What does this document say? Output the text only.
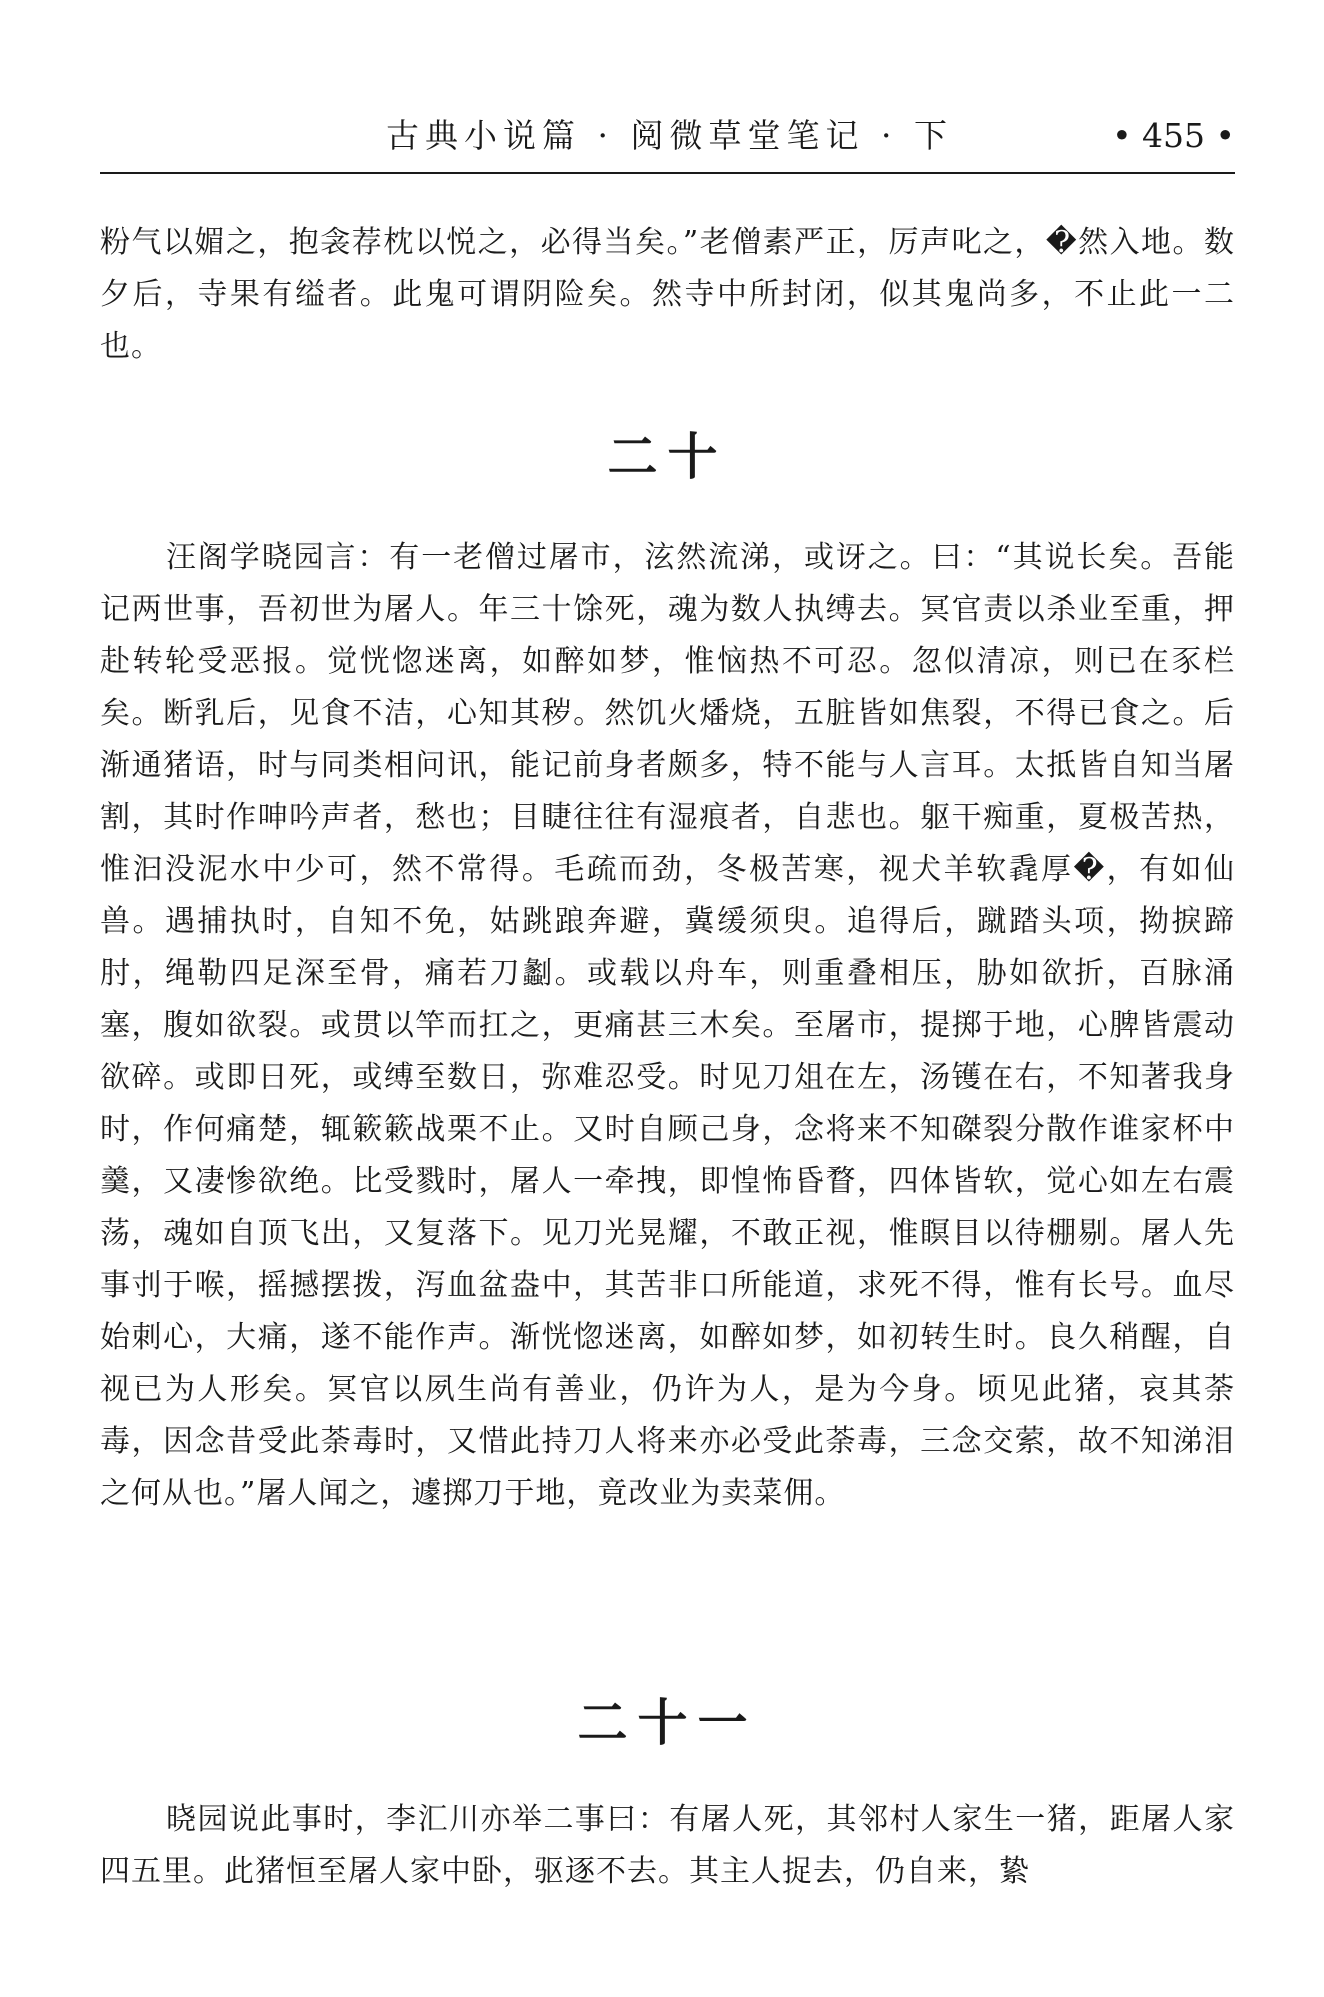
古典小说篇 · 阅微草堂笔记 · 下	• 455 •

粉气以媚之，抱衾荐枕以悦之，必得当矣。”老僧素严正，厉声叱之，�然入地。数夕后，寺果有缢者。此鬼可谓阴险矣。然寺中所封闭，似其鬼尚多，不止此一二也。

二十

汪阁学晓园言：有一老僧过屠市，泫然流涕，或讶之。曰：“其说长矣。吾能记两世事，吾初世为屠人。年三十馀死，魂为数人执缚去。冥官责以杀业至重，押赴转轮受恶报。觉恍惚迷离，如醉如梦，惟恼热不可忍。忽似清凉，则已在豕栏矣。断乳后，见食不洁，心知其秽。然饥火燔烧，五脏皆如焦裂，不得已食之。后渐通猪语，时与同类相问讯，能记前身者颇多，特不能与人言耳。太抵皆自知当屠割，其时作呻吟声者，愁也；目睫往往有湿痕者，自悲也。躯干痴重，夏极苦热，惟汩没泥水中少可，然不常得。毛疏而劲，冬极苦寒，视犬羊软毳厚�，有如仙兽。遇捕执时，自知不免，姑跳踉奔避，冀缓须臾。追得后，蹴踏头项，拗捩蹄肘，绳勒四足深至骨，痛若刀劙。或载以舟车，则重叠相压，胁如欲折，百脉涌塞，腹如欲裂。或贯以竿而扛之，更痛甚三木矣。至屠市，提掷于地，心脾皆震动欲碎。或即日死，或缚至数日，弥难忍受。时见刀俎在左，汤镬在右，不知著我身时，作何痛楚，辄簌簌战栗不止。又时自顾己身，念将来不知磔裂分散作谁家杯中羹，又凄惨欲绝。比受戮时，屠人一牵拽，即惶怖昏瞀，四体皆软，觉心如左右震荡，魂如自顶飞出，又复落下。见刀光晃耀，不敢正视，惟瞑目以待棚剔。屠人先事刌于喉，摇撼摆拨，泻血盆盎中，其苦非口所能道，求死不得，惟有长号。血尽始刺心，大痛，遂不能作声。渐恍惚迷离，如醉如梦，如初转生时。良久稍醒，自视已为人形矣。冥官以夙生尚有善业，仍许为人，是为今身。顷见此猪，哀其荼毒，因念昔受此荼毒时，又惜此持刀人将来亦必受此荼毒，三念交萦，故不知涕泪之何从也。”屠人闻之，遽掷刀于地，竟改业为卖菜佣。

二十一

晓园说此事时，李汇川亦举二事曰：有屠人死，其邻村人家生一猪，距屠人家四五里。此猪恒至屠人家中卧，驱逐不去。其主人捉去，仍自来，絷
